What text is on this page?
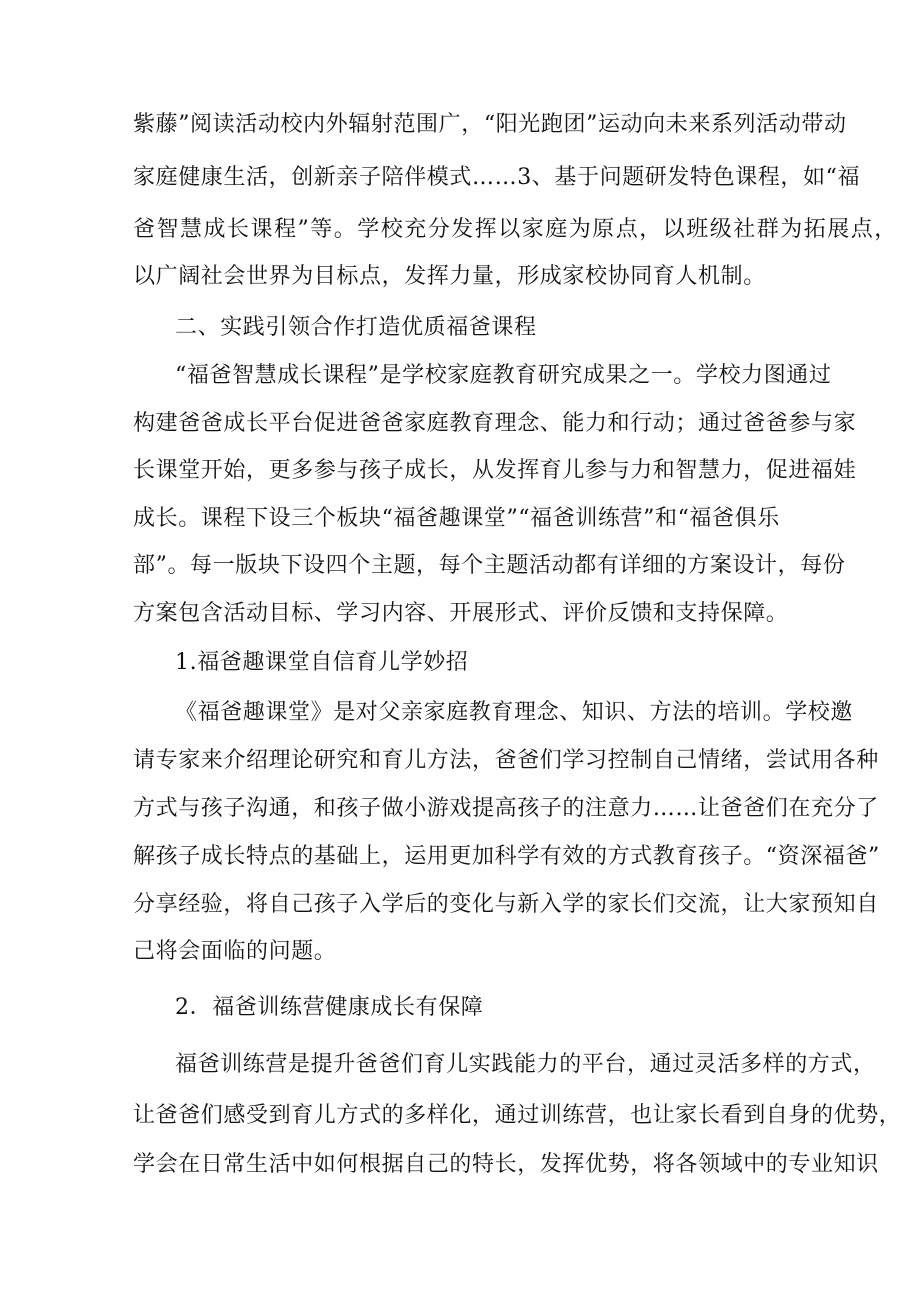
紫藤”阅读活动校内外辐射范围广，“阳光跑团”运动向未来系列活动带动
家庭健康生活，创新亲子陪伴模式……3、基于问题研发特色课程，如“福
爸智慧成长课程”等。学校充分发挥以家庭为原点，以班级社群为拓展点，
以广阔社会世界为目标点，发挥力量，形成家校协同育人机制。
二、实践引领合作打造优质福爸课程
“福爸智慧成长课程”是学校家庭教育研究成果之一。学校力图通过
构建爸爸成长平台促进爸爸家庭教育理念、能力和行动；通过爸爸参与家
长课堂开始，更多参与孩子成长，从发挥育儿参与力和智慧力，促进福娃
成长。课程下设三个板块“福爸趣课堂”“福爸训练营”和“福爸俱乐
部”。每一版块下设四个主题，每个主题活动都有详细的方案设计，每份
方案包含活动目标、学习内容、开展形式、评价反馈和支持保障。
1.福爸趣课堂自信育儿学妙招
《福爸趣课堂》是对父亲家庭教育理念、知识、方法的培训。学校邀
请专家来介绍理论研究和育儿方法，爸爸们学习控制自己情绪，尝试用各种
方式与孩子沟通，和孩子做小游戏提高孩子的注意力……让爸爸们在充分了
解孩子成长特点的基础上，运用更加科学有效的方式教育孩子。“资深福爸”
分享经验，将自己孩子入学后的变化与新入学的家长们交流，让大家预知自
己将会面临的问题。
2．福爸训练营健康成长有保障
福爸训练营是提升爸爸们育儿实践能力的平台，通过灵活多样的方式，
让爸爸们感受到育儿方式的多样化，通过训练营，也让家长看到自身的优势，
学会在日常生活中如何根据自己的特长，发挥优势，将各领域中的专业知识
